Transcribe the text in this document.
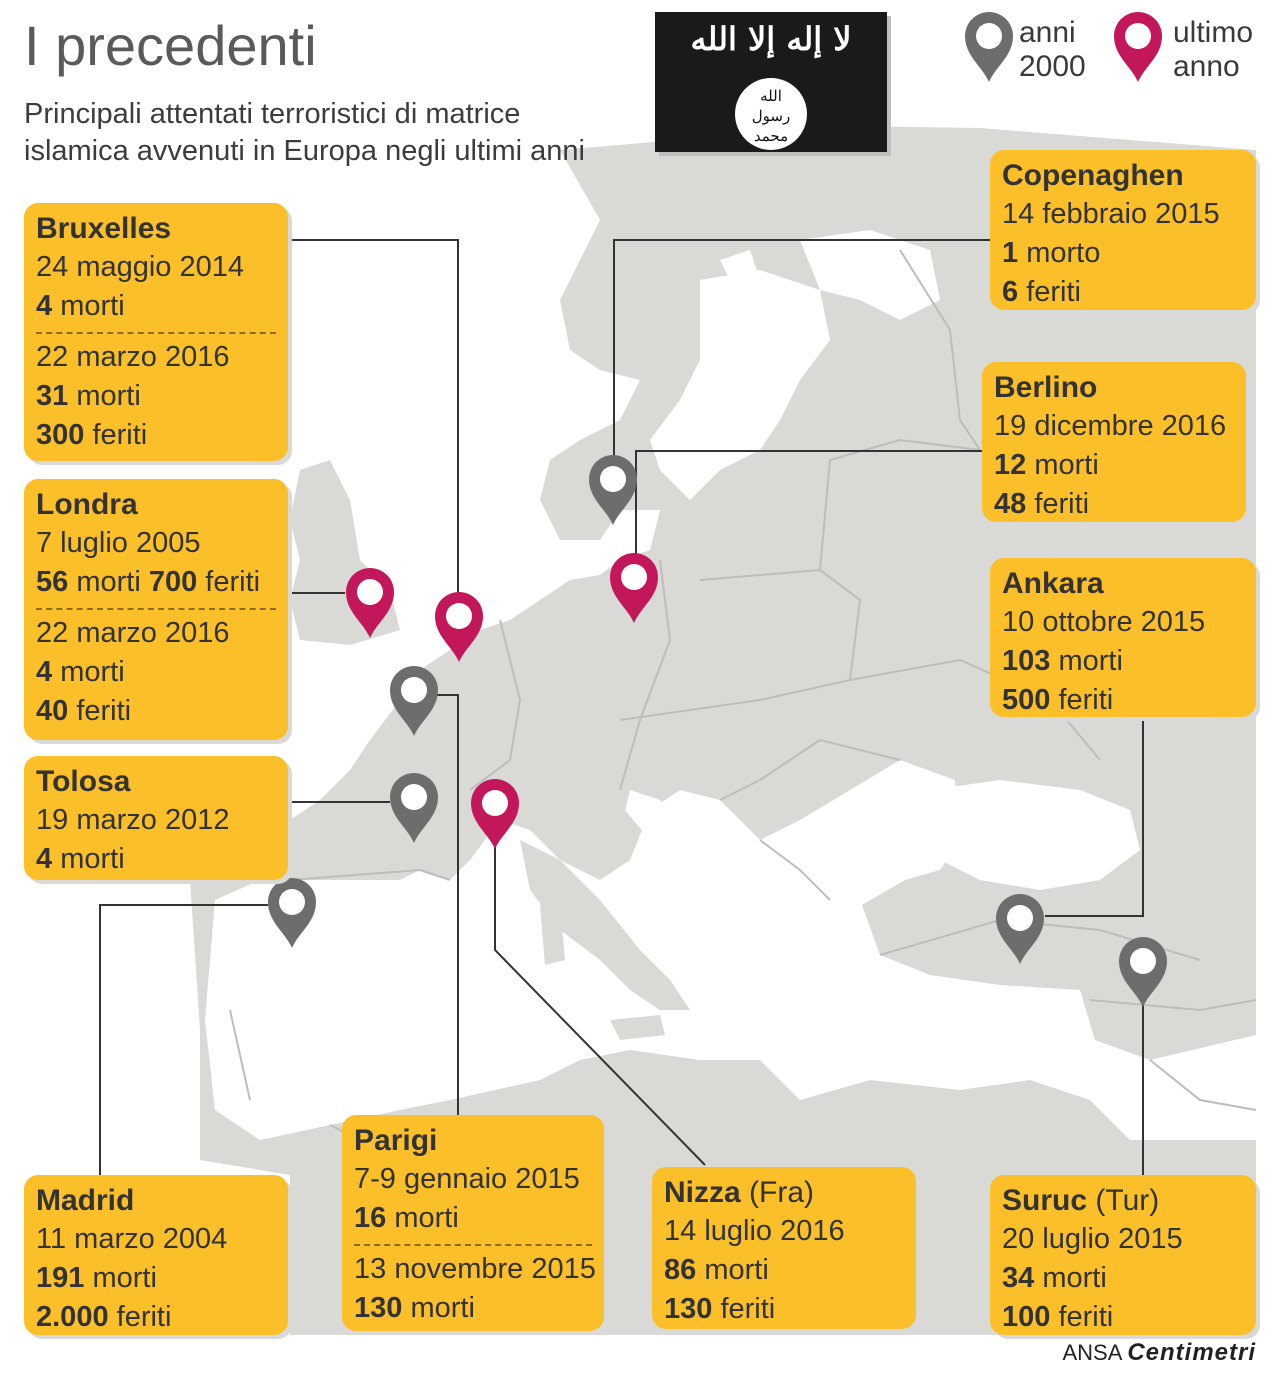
I precedenti
Principali attentati terroristici di matrice
islamica avvenuti in Europa negli ultimi anni
لا إله إلا الله
الله
رسول
محمد
anni
2000
ultimo
anno
Bruxelles
24 maggio 2014
4 morti
22 marzo 2016
31 morti
300 feriti
Londra
7 luglio 2005
56 morti 700 feriti
22 marzo 2016
4 morti
40 feriti
Tolosa
19 marzo 2012
4 morti
Madrid
11 marzo 2004
191 morti
2.000 feriti
Parigi
7-9 gennaio 2015
16 morti
13 novembre 2015
130 morti
Nizza (Fra)
14 luglio 2016
86 morti
130 feriti
Suruc (Tur)
20 luglio 2015
34 morti
100 feriti
Copenaghen
14 febbraio 2015
1 morto
6 feriti
Berlino
19 dicembre 2016
12 morti
48 feriti
Ankara
10 ottobre 2015
103 morti
500 feriti
ANSA Centimetri
